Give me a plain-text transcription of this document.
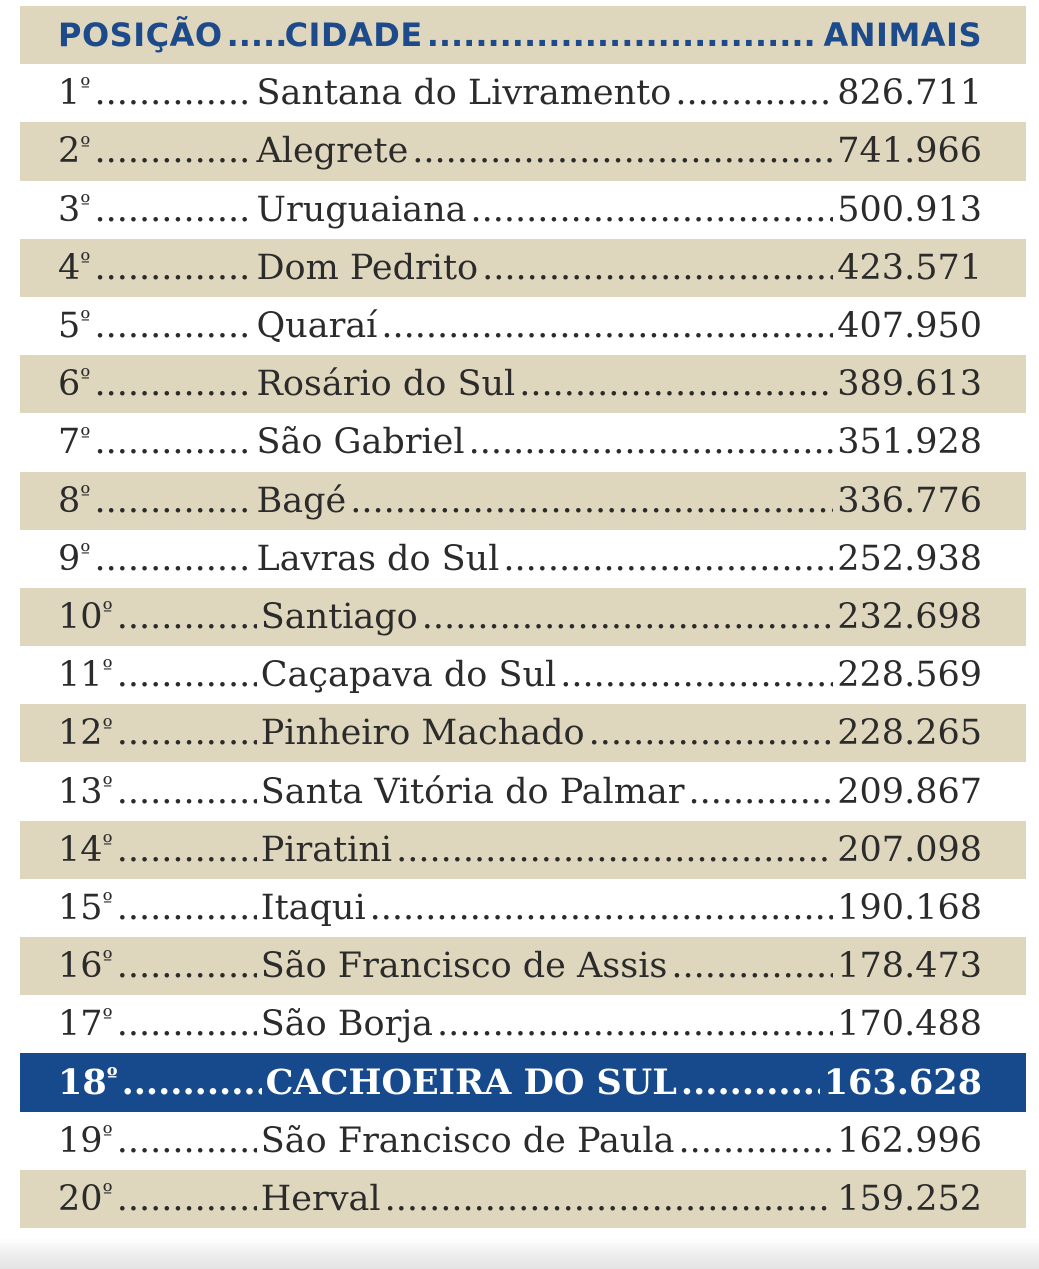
POSIÇÃO ..... CIDADE .....	ANIMAIS
$1^º$ .....	Santana do Livramento .....	826.711
$2^º$ .....	Alegrete .....	741.966
$3^º$ .....	Uruguaiana .....	500.913
$4^º$ .....	Dom Pedrito .....	423.571
$5^º$ .....	Quaraí .....	407.950
$6^º$ .....	Rosário do Sul .....	389.613
$7^º$ .....	São Gabriel .....	351.928
$8^º$ .....	Bagé .....	336.776
$9^º$ .....	Lavras do Sul .....	252.938
$10^º$ .....	Santiago .....	232.698
$11^º$ .....	Caçapava do Sul .....	228.569
$12^º$ .....	Pinheiro Machado .....	228.265
$13^º$ .....	Santa Vitória do Palmar .....	209.867
$14^º$ .....	Piratini .....	207.098
$15^º$ .....	Itaqui .....	190.168
$16^º$ .....	São Francisco de Assis .....	178.473
$17^º$ .....	São Borja .....	170.488
$18^º$ .....	CACHOEIRA DO SUL .....	163.628
$19^º$ .....	São Francisco de Paula .....	162.996
$20^º$ .....	Herval .....	159.252
